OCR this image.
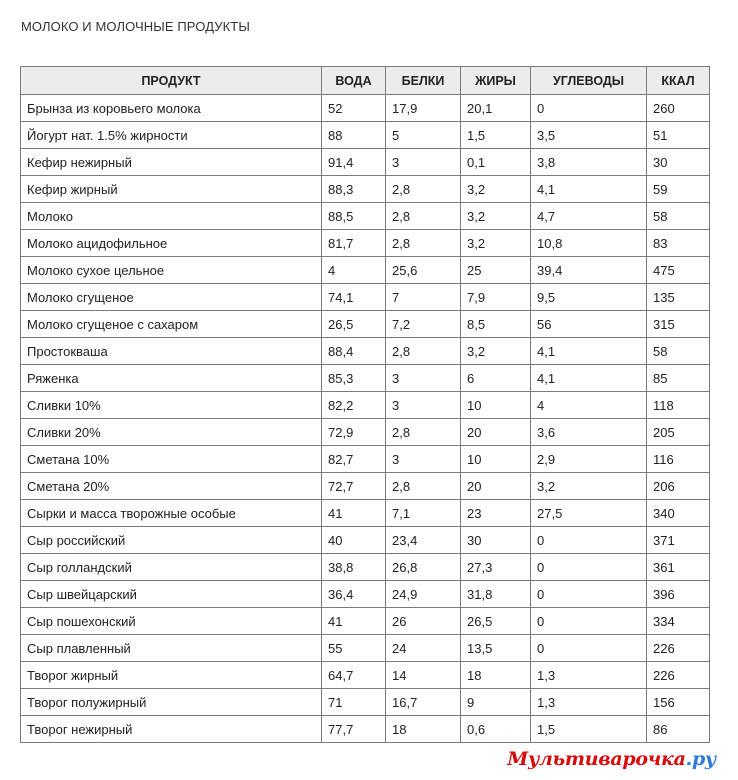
МОЛОКО И МОЛОЧНЫЕ ПРОДУКТЫ
ПРОДУКТ	ВОДА	БЕЛКИ	ЖИРЫ	УГЛЕВОДЫ	ККАЛ
Брынза из коровьего молока	52	17,9	20,1	0	260
Йогурт нат. 1.5% жирности	88	5	1,5	3,5	51
Кефир нежирный	91,4	3	0,1	3,8	30
Кефир жирный	88,3	2,8	3,2	4,1	59
Молоко	88,5	2,8	3,2	4,7	58
Молоко ацидофильное	81,7	2,8	3,2	10,8	83
Молоко сухое цельное	4	25,6	25	39,4	475
Молоко сгущеное	74,1	7	7,9	9,5	135
Молоко сгущеное с сахаром	26,5	7,2	8,5	56	315
Простокваша	88,4	2,8	3,2	4,1	58
Ряженка	85,3	3	6	4,1	85
Сливки 10%	82,2	3	10	4	118
Сливки 20%	72,9	2,8	20	3,6	205
Сметана 10%	82,7	3	10	2,9	116
Сметана 20%	72,7	2,8	20	3,2	206
Сырки и масса творожные особые	41	7,1	23	27,5	340
Сыр российский	40	23,4	30	0	371
Сыр голландский	38,8	26,8	27,3	0	361
Сыр швейцарский	36,4	24,9	31,8	0	396
Сыр пошехонский	41	26	26,5	0	334
Сыр плавленный	55	24	13,5	0	226
Творог жирный	64,7	14	18	1,3	226
Творог полужирный	71	16,7	9	1,3	156
Творог нежирный	77,7	18	0,6	1,5	86
Мультиварочка.ру
